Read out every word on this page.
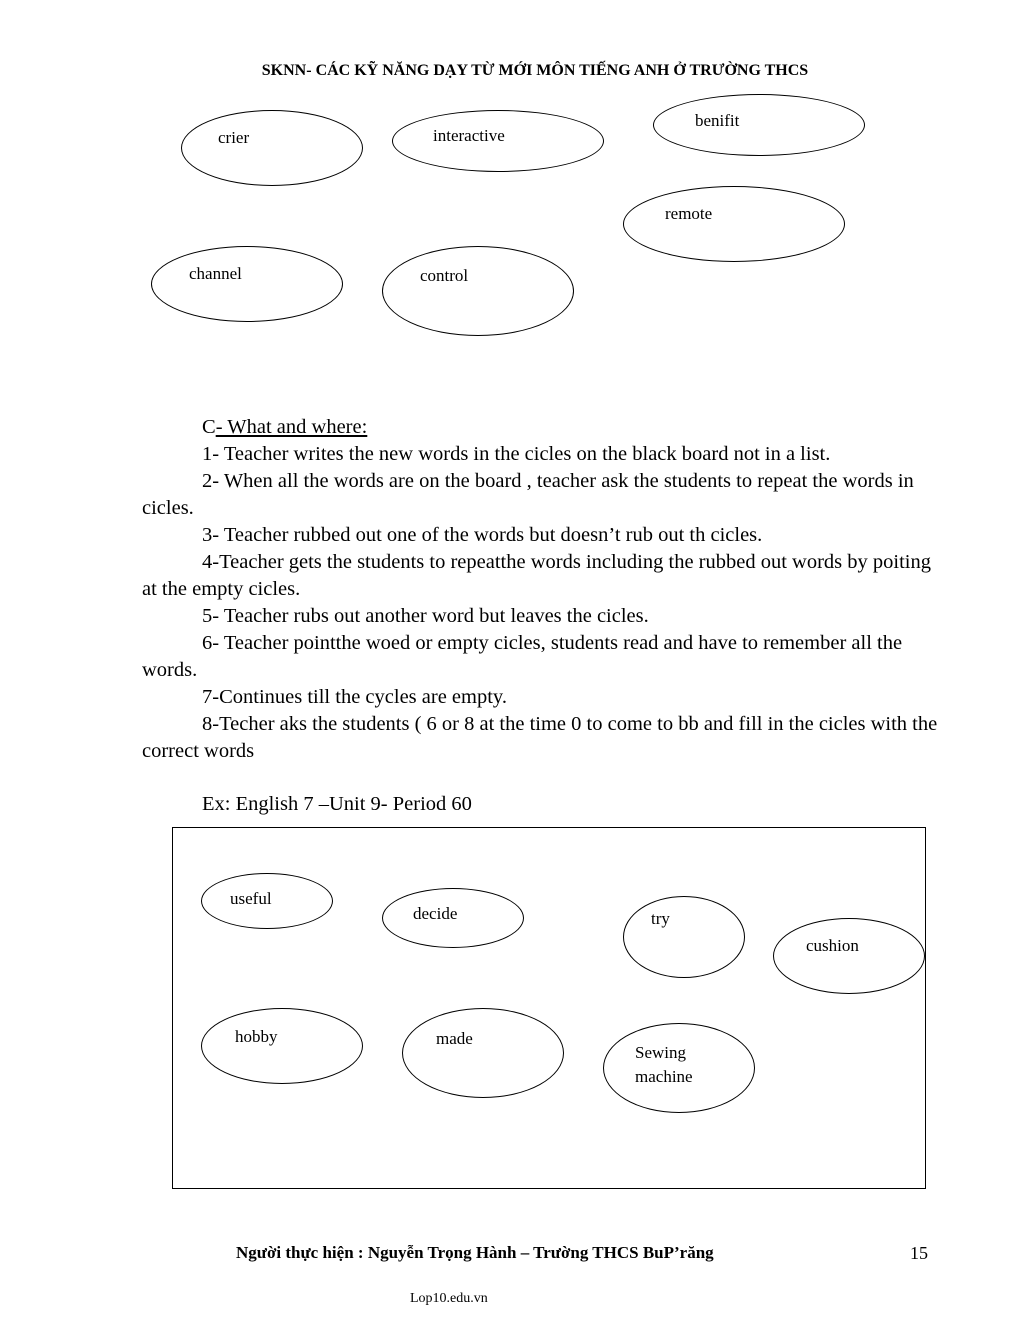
SKNN- CÁC KỸ NĂNG DẠY TỪ MỚI MÔN TIẾNG ANH Ở TRƯỜNG THCS
crier	interactive
benifit
remote
channel	control
C- What and where:
1- Teacher writes the new words in the cicles on the black board not in a list.
2- When all the words are on the board , teacher ask the students to repeat the words in cicles.
3- Teacher rubbed out one of the words but doesn’t rub out th cicles.
4-Teacher gets the students to repeatthe words including the rubbed out words by poiting at the empty cicles.
5- Teacher rubs out another word but leaves the cicles.
6- Teacher pointthe woed or empty cicles, students read and have to remember all the words.
7-Continues till the cycles are empty.
8-Techer aks the students ( 6 or 8 at the time 0 to come to bb and fill in the cicles with the correct words
Ex: English 7 –Unit 9- Period 60
useful
decide	try
cushion
hobby	made
Sewing
machine
Người thực hiện : Nguyễn Trọng Hành – Trường THCS BuP’răng	15
Lop10.edu.vn
